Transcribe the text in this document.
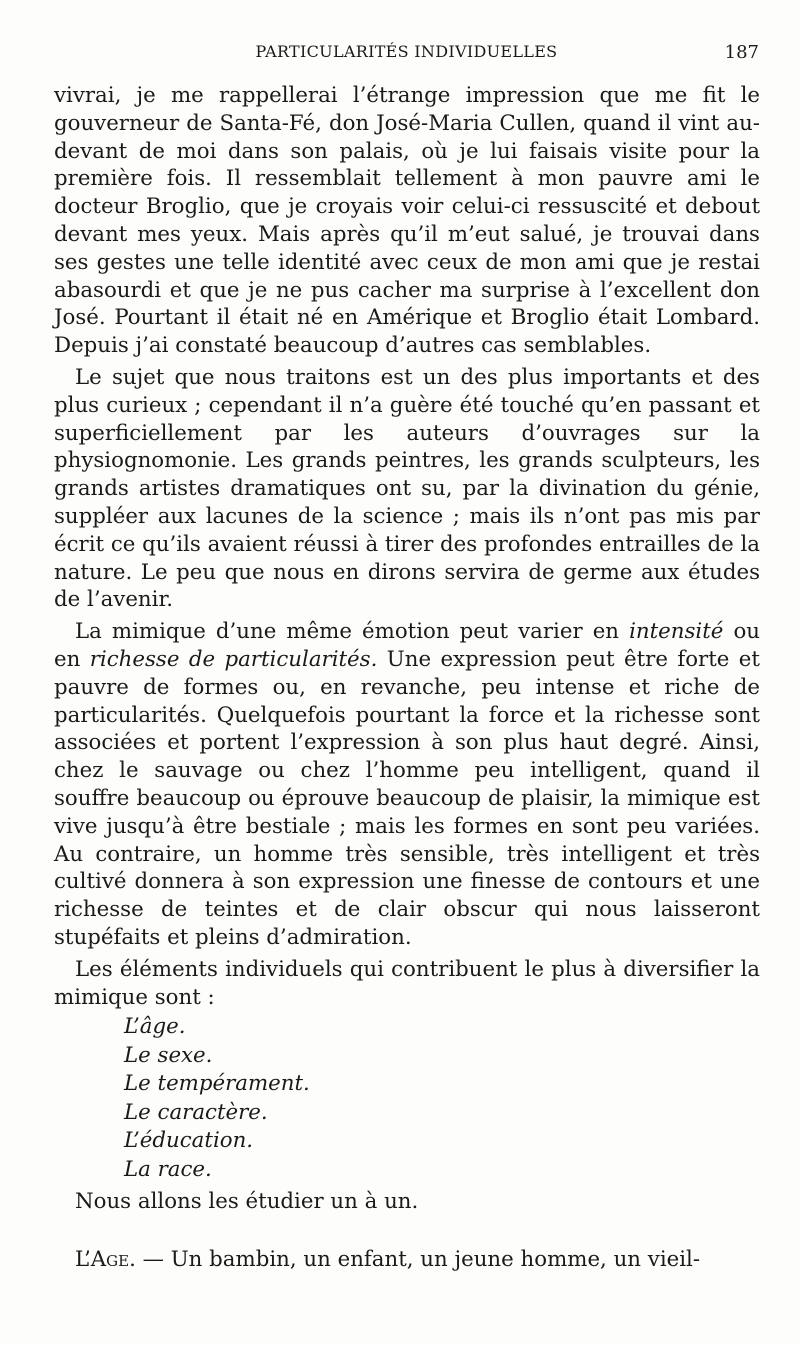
PARTICULARITÉS INDIVIDUELLES	187

vivrai, je me rappellerai l’étrange impression que me fit le gouverneur de Santa-Fé, don José-Maria Cullen, quand il vint au-devant de moi dans son palais, où je lui faisais visite pour la première fois. Il ressemblait tellement à mon pauvre ami le docteur Broglio, que je croyais voir celui-ci ressuscité et debout devant mes yeux. Mais après qu’il m’eut salué, je trouvai dans ses gestes une telle identité avec ceux de mon ami que je restai abasourdi et que je ne pus cacher ma surprise à l’excellent don José. Pourtant il était né en Amérique et Broglio était Lombard. Depuis j’ai constaté beaucoup d’autres cas semblables.

Le sujet que nous traitons est un des plus importants et des plus curieux ; cependant il n’a guère été touché qu’en passant et superficiellement par les auteurs d’ouvrages sur la physiognomonie. Les grands peintres, les grands sculpteurs, les grands artistes dramatiques ont su, par la divination du génie, suppléer aux lacunes de la science ; mais ils n’ont pas mis par écrit ce qu’ils avaient réussi à tirer des profondes entrailles de la nature. Le peu que nous en dirons servira de germe aux études de l’avenir.

La mimique d’une même émotion peut varier en intensité ou en richesse de particularités. Une expression peut être forte et pauvre de formes ou, en revanche, peu intense et riche de particularités. Quelquefois pourtant la force et la richesse sont associées et portent l’expression à son plus haut degré. Ainsi, chez le sauvage ou chez l’homme peu intelligent, quand il souffre beaucoup ou éprouve beaucoup de plaisir, la mimique est vive jusqu’à être bestiale ; mais les formes en sont peu variées. Au contraire, un homme très sensible, très intelligent et très cultivé donnera à son expression une finesse de contours et une richesse de teintes et de clair obscur qui nous laisseront stupéfaits et pleins d’admiration.

Les éléments individuels qui contribuent le plus à diversifier la mimique sont :

L’âge.
Le sexe.
Le tempérament.
Le caractère.
L’éducation.
La race.

Nous allons les étudier un à un.

L’Age. — Un bambin, un enfant, un jeune homme, un vieil-
